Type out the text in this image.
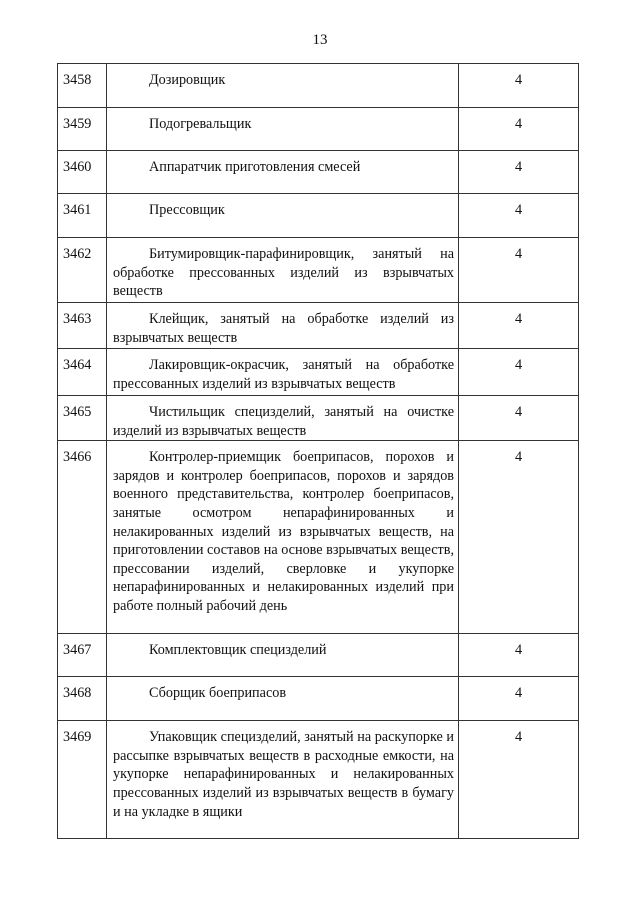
13
3458	Дозировщик	4
3459	Подогревальщик	4
3460	Аппаратчик приготовления смесей	4
3461	Прессовщик	4
3462	Битумировщик-парафинировщик, занятый на обработке прессованных изделий из взрывчатых веществ	4
3463	Клейщик, занятый на обработке изделий из взрывчатых веществ	4
3464	Лакировщик-окрасчик, занятый на обработке прессованных изделий из взрывчатых веществ	4
3465	Чистильщик специзделий, занятый на очистке изделий из взрывчатых веществ	4
3466	Контролер-приемщик боеприпасов, порохов и зарядов и контролер боеприпасов, порохов и зарядов военного представительства, контролер боеприпасов, занятые осмотром непарафинированных и нелакированных изделий из взрывчатых веществ, на приготовлении составов на основе взрывчатых веществ, прессовании изделий, сверловке и укупорке непарафинированных и нелакированных изделий при работе полный рабочий день	4
3467	Комплектовщик специзделий	4
3468	Сборщик боеприпасов	4
3469	Упаковщик специзделий, занятый на раскупорке и рассыпке взрывчатых веществ в расходные емкости, на укупорке непарафинированных и нелакированных прессованных изделий из взрывчатых веществ в бумагу и на укладке в ящики	4
